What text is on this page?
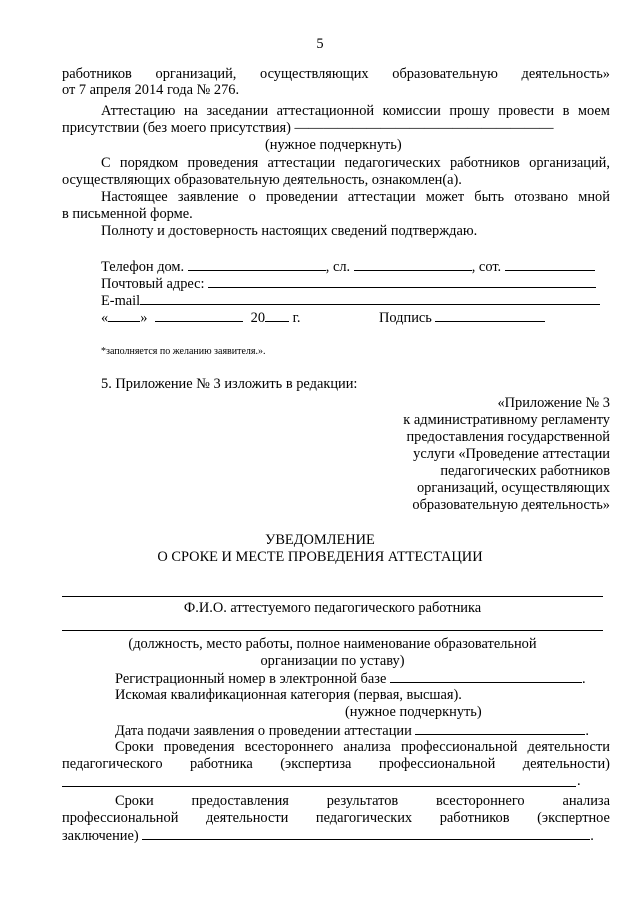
5
работников организаций, осуществляющих образовательную деятельность»
от 7 апреля 2014 года № 276.
Аттестацию на заседании аттестационной комиссии прошу провести в моем
присутствии (без моего присутствия) ——————————————————
(нужное подчеркнуть)
С порядком проведения аттестации педагогических работников организаций,
осуществляющих образовательную деятельность, ознакомлен(а).
Настоящее заявление о проведении аттестации может быть отозвано мной
в письменной форме.
Полноту и достоверность настоящих сведений подтверждаю.
Телефон дом.	, сл.	, сот.
Почтовый адрес:
E-mail
« »	20 г.	Подпись
*заполняется по желанию заявителя.».
5. Приложение № 3 изложить в редакции:
«Приложение № 3
к административному регламенту
предоставления государственной
услуги «Проведение аттестации
педагогических работников
организаций, осуществляющих
образовательную деятельность»
УВЕДОМЛЕНИЕ
О СРОКЕ И МЕСТЕ ПРОВЕДЕНИЯ АТТЕСТАЦИИ
Ф.И.О. аттестуемого педагогического работника
(должность, место работы, полное наименование образовательной
организации по уставу)
Регистрационный номер в электронной базе	.
Искомая квалификационная категория (первая, высшая).
(нужное подчеркнуть)
Дата подачи заявления о проведении аттестации	.
Сроки проведения всестороннего анализа профессиональной деятельности
педагогического работника (экспертиза профессиональной деятельности)
.
Сроки	предоставления	результатов	всестороннего	анализа
профессиональной деятельности педагогических работников (экспертное
заключение)	.
